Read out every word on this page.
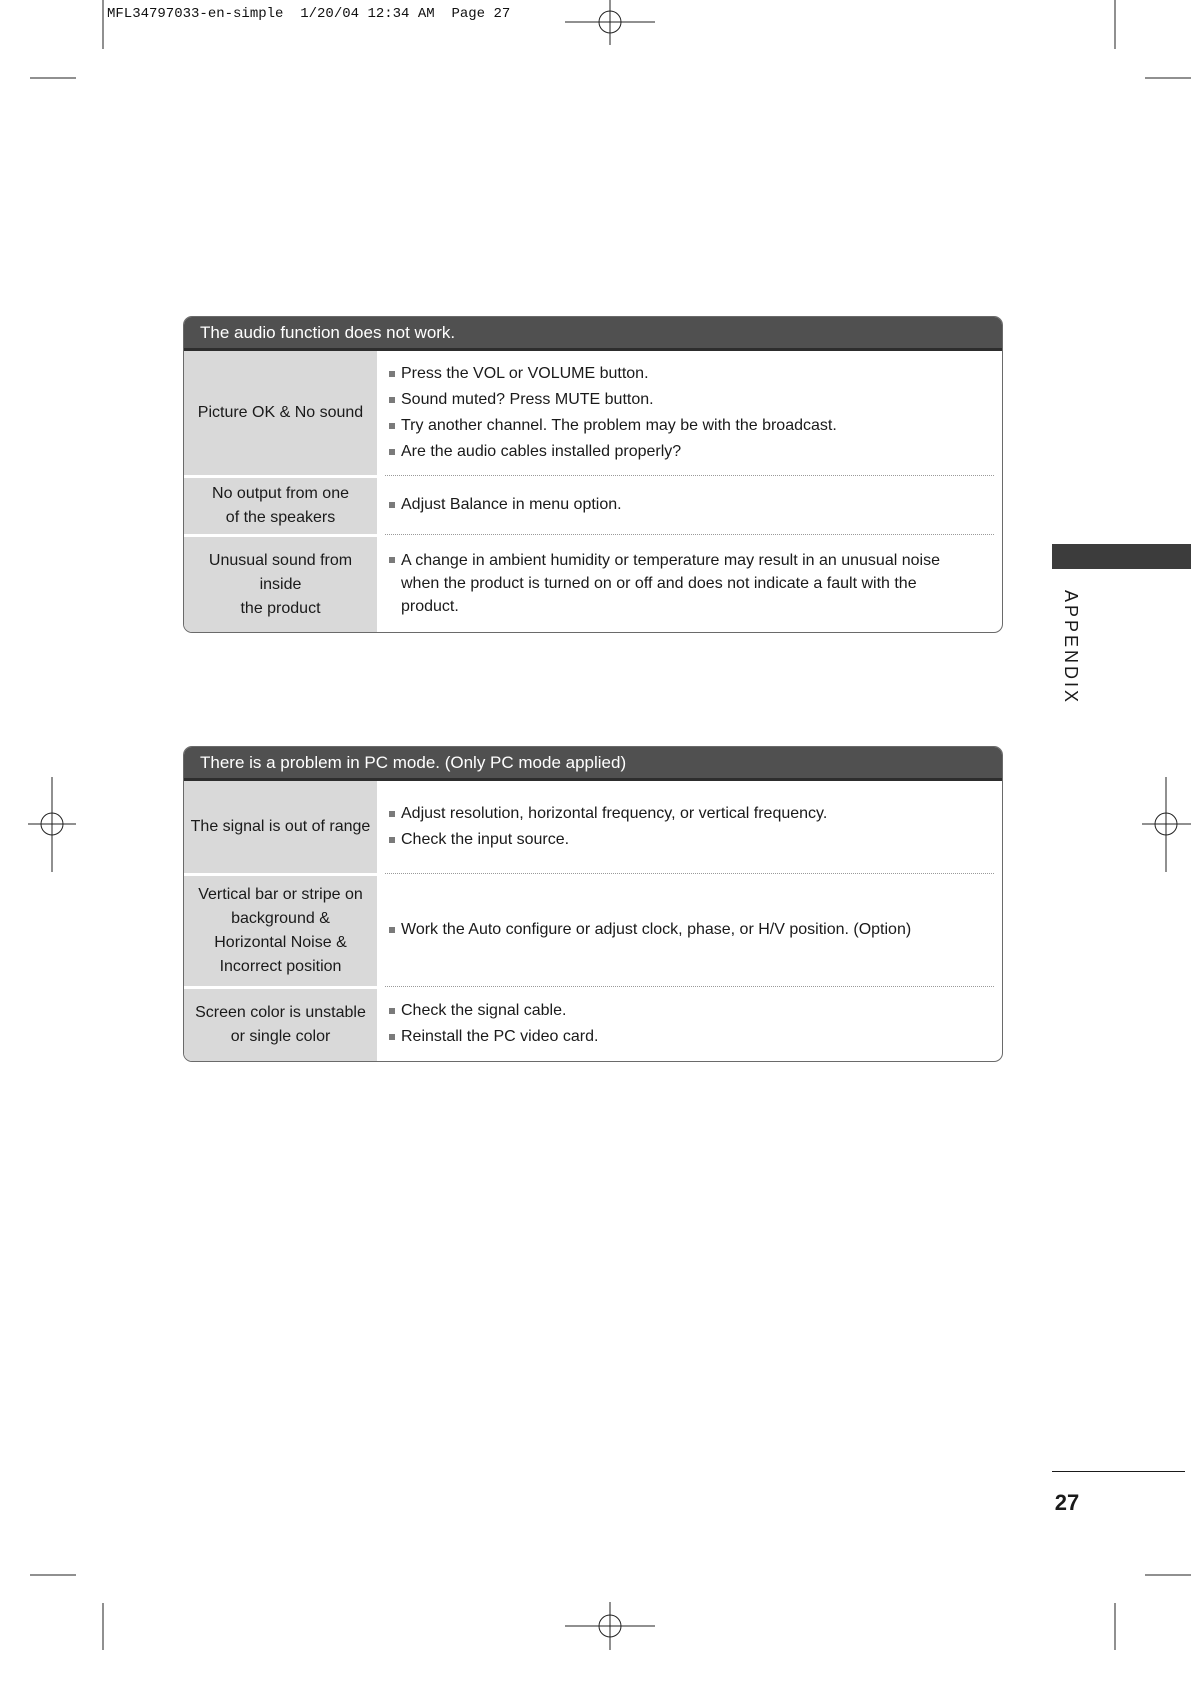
MFL34797033-en-simple  1/20/04 12:34 AM  Page 27
The audio function does not work.
Picture OK & No sound
Press the VOL or VOLUME button.
Sound muted? Press MUTE button.
Try another channel. The problem may be with the broadcast.
Are the audio cables installed properly?
No output from one
of the speakers
Adjust Balance in menu option.
Unusual sound from
inside
the product
A change in ambient humidity or temperature may result in an unusual noise when the product is turned on or off and does not indicate a fault with the product.
There is a problem in PC mode. (Only PC mode applied)
The signal is out of range
Adjust resolution, horizontal frequency, or vertical frequency.
Check the input source.
Vertical bar or stripe on
background &
Horizontal Noise &
Incorrect position
Work the Auto configure or adjust clock, phase, or H/V position. (Option)
Screen color is unstable
or single color
Check the signal cable.
Reinstall the PC video card.
APPENDIX
27
